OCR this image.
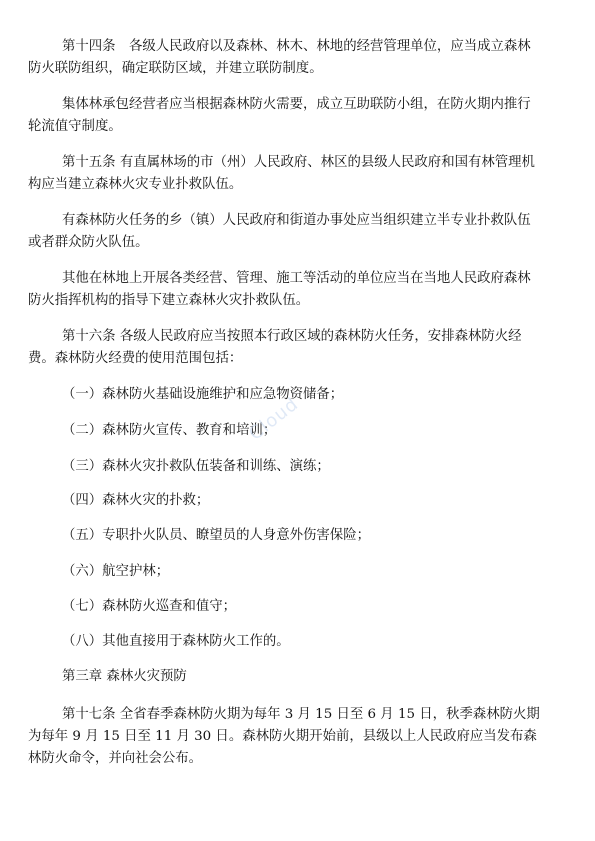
第十四条　各级人民政府以及森林、林木、林地的经营管理单位，应当成立森林
防火联防组织，确定联防区域，并建立联防制度。
集体林承包经营者应当根据森林防火需要，成立互助联防小组，在防火期内推行
轮流值守制度。
第十五条 有直属林场的市（州）人民政府、林区的县级人民政府和国有林管理机
构应当建立森林火灾专业扑救队伍。
有森林防火任务的乡（镇）人民政府和街道办事处应当组织建立半专业扑救队伍
或者群众防火队伍。
其他在林地上开展各类经营、管理、施工等活动的单位应当在当地人民政府森林
防火指挥机构的指导下建立森林火灾扑救队伍。
第十六条 各级人民政府应当按照本行政区域的森林防火任务，安排森林防火经
费。森林防火经费的使用范围包括：
（一）森林防火基础设施维护和应急物资储备；
（二）森林防火宣传、教育和培训；
（三）森林火灾扑救队伍装备和训练、演练；
（四）森林火灾的扑救；
（五）专职扑火队员、瞭望员的人身意外伤害保险；
（六）航空护林；
（七）森林防火巡查和值守；
（八）其他直接用于森林防火工作的。
第三章 森林火灾预防
第十七条 全省春季森林防火期为每年 3 月 15 日至 6 月 15 日，秋季森林防火期
为每年 9 月 15 日至 11 月 30 日。森林防火期开始前，县级以上人民政府应当发布森
林防火命令，并向社会公布。
Cloud
